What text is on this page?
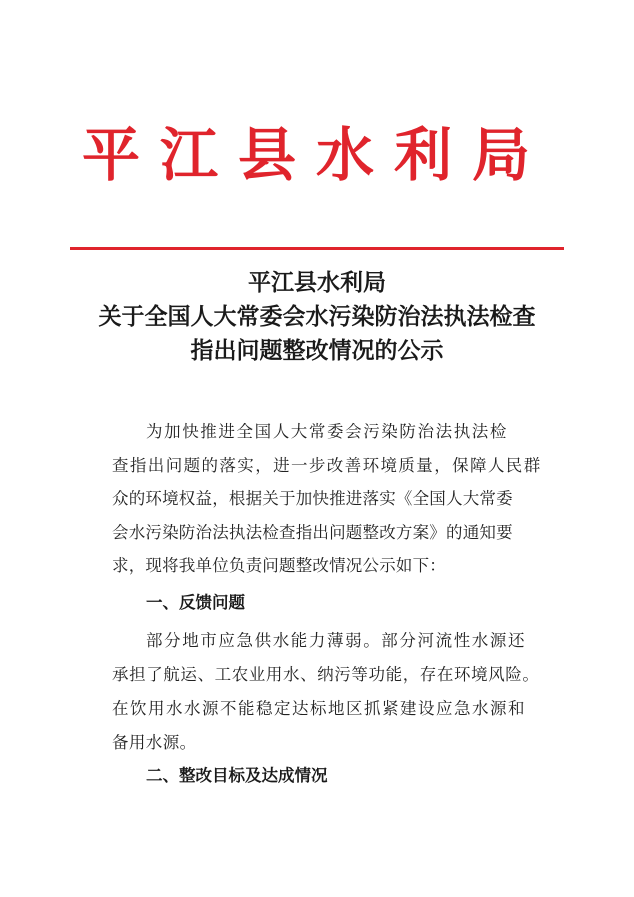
平江县水利局
平江县水利局
关于全国人大常委会水污染防治法执法检查
指出问题整改情况的公示
为加快推进全国人大常委会污染防治法执法检
查指出问题的落实，进一步改善环境质量，保障人民群
众的环境权益，根据关于加快推进落实《全国人大常委
会水污染防治法执法检查指出问题整改方案》的通知要
求，现将我单位负责问题整改情况公示如下：
一、反馈问题
部分地市应急供水能力薄弱。部分河流性水源还
承担了航运、工农业用水、纳污等功能，存在环境风险。
在饮用水水源不能稳定达标地区抓紧建设应急水源和
备用水源。
二、整改目标及达成情况
